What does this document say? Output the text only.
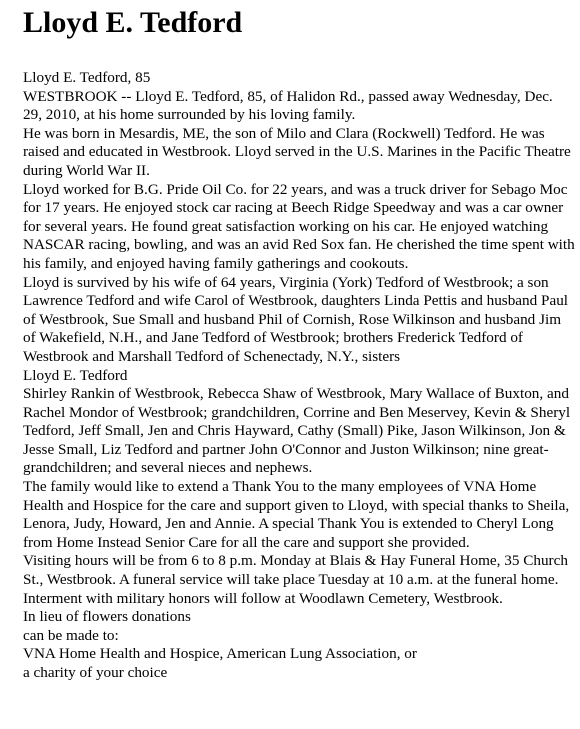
Lloyd E. Tedford

Lloyd E. Tedford, 85

WESTBROOK -- Lloyd E. Tedford, 85, of Halidon Rd., passed away Wednesday, Dec. 29, 2010, at his home surrounded by his loving family.

He was born in Mesardis, ME, the son of Milo and Clara (Rockwell) Tedford. He was raised and educated in Westbrook. Lloyd served in the U.S. Marines in the Pacific Theatre during World War II.

Lloyd worked for B.G. Pride Oil Co. for 22 years, and was a truck driver for Sebago Moc for 17 years. He enjoyed stock car racing at Beech Ridge Speedway and was a car owner for several years. He found great satisfaction working on his car. He enjoyed watching NASCAR racing, bowling, and was an avid Red Sox fan. He cherished the time spent with his family, and enjoyed having family gatherings and cookouts.

Lloyd is survived by his wife of 64 years, Virginia (York) Tedford of Westbrook; a son Lawrence Tedford and wife Carol of Westbrook, daughters Linda Pettis and husband Paul of Westbrook, Sue Small and husband Phil of Cornish, Rose Wilkinson and husband Jim of Wakefield, N.H., and Jane Tedford of Westbrook; brothers Frederick Tedford of Westbrook and Marshall Tedford of Schenectady, N.Y., sisters

Lloyd E. Tedford

Shirley Rankin of Westbrook, Rebecca Shaw of Westbrook, Mary Wallace of Buxton, and Rachel Mondor of Westbrook; grandchildren, Corrine and Ben Meservey, Kevin & Sheryl Tedford, Jeff Small, Jen and Chris Hayward, Cathy (Small) Pike, Jason Wilkinson, Jon & Jesse Small, Liz Tedford and partner John O'Connor and Juston Wilkinson; nine great-grandchildren; and several nieces and nephews.

The family would like to extend a Thank You to the many employees of VNA Home Health and Hospice for the care and support given to Lloyd, with special thanks to Sheila, Lenora, Judy, Howard, Jen and Annie. A special Thank You is extended to Cheryl Long from Home Instead Senior Care for all the care and support she provided.

Visiting hours will be from 6 to 8 p.m. Monday at Blais & Hay Funeral Home, 35 Church St., Westbrook. A funeral service will take place Tuesday at 10 a.m. at the funeral home. Interment with military honors will follow at Woodlawn Cemetery, Westbrook.

In lieu of flowers donations

can be made to:

VNA Home Health and Hospice, American Lung Association, or

a charity of your choice
